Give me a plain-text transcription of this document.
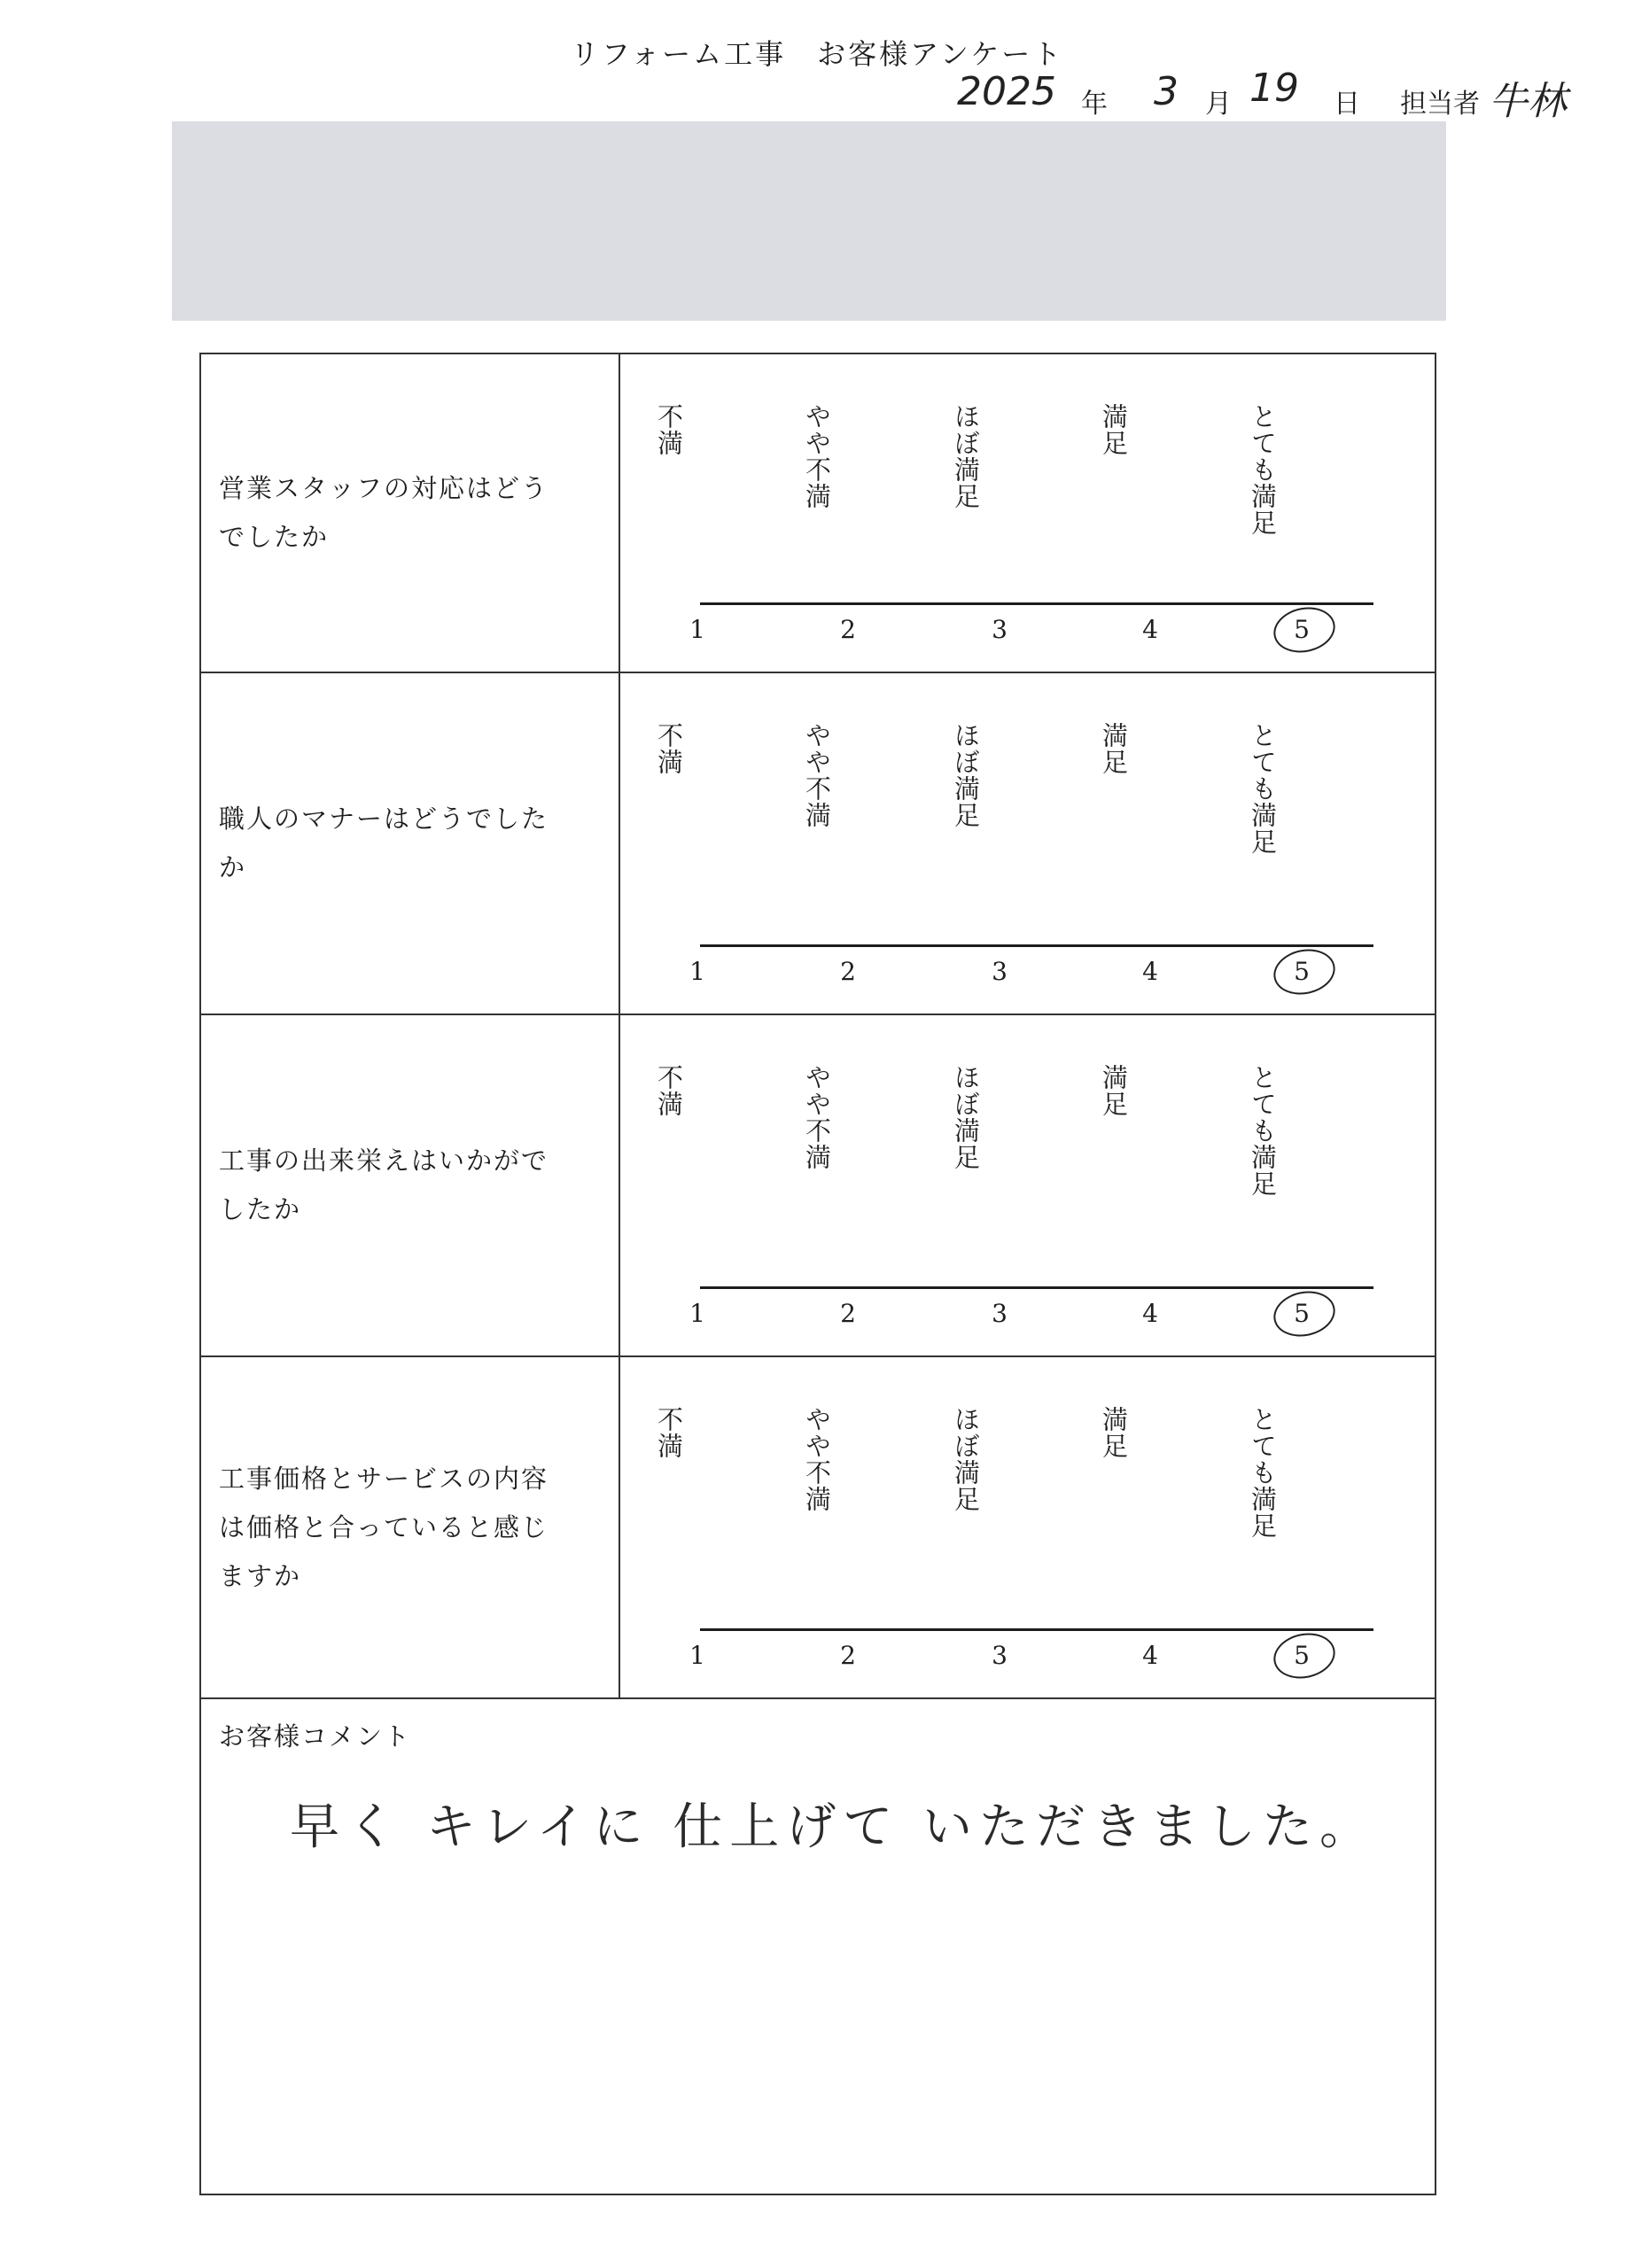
リフォーム工事　お客様アンケート
2025 年 3 月 19 日 担当者 牛林
営業スタッフの対応はどうでしたか
不満	やや不満	ほぼ満足	満足	とても満足
1	2	3	4	5
職人のマナーはどうでしたか
不満	やや不満	ほぼ満足	満足	とても満足
1	2	3	4	5
工事の出来栄えはいかがでしたか
不満	やや不満	ほぼ満足	満足	とても満足
1	2	3	4	5
工事価格とサービスの内容は価格と合っていると感じますか
不満	やや不満	ほぼ満足	満足	とても満足
1	2	3	4	5
お客様コメント
早く キレイに 仕上げて いただきました。
